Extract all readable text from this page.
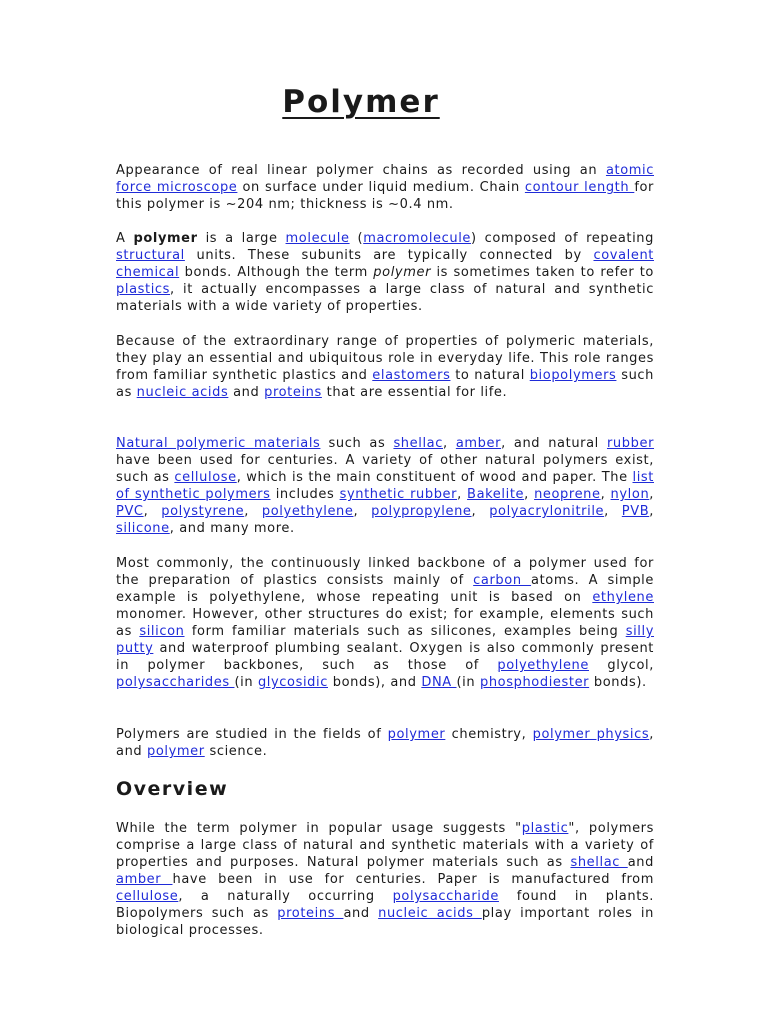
Polymer

Appearance of real linear polymer chains as recorded using an atomic force microscope on surface under liquid medium. Chain contour length for this polymer is ~204 nm; thickness is ~0.4 nm.

A polymer is a large molecule (macromolecule) composed of repeating structural units. These subunits are typically connected by covalent chemical bonds. Although the term polymer is sometimes taken to refer to plastics, it actually encompasses a large class of natural and synthetic materials with a wide variety of properties.

Because of the extraordinary range of properties of polymeric materials, they play an essential and ubiquitous role in everyday life. This role ranges from familiar synthetic plastics and elastomers to natural biopolymers such as nucleic acids and proteins that are essential for life.

Natural polymeric materials such as shellac, amber, and natural rubber have been used for centuries. A variety of other natural polymers exist, such as cellulose, which is the main constituent of wood and paper. The list of synthetic polymers includes synthetic rubber, Bakelite, neoprene, nylon, PVC, polystyrene, polyethylene, polypropylene, polyacrylonitrile, PVB, silicone, and many more.

Most commonly, the continuously linked backbone of a polymer used for the preparation of plastics consists mainly of carbon atoms. A simple example is polyethylene, whose repeating unit is based on ethylene monomer. However, other structures do exist; for example, elements such as silicon form familiar materials such as silicones, examples being silly putty and waterproof plumbing sealant. Oxygen is also commonly present in polymer backbones, such as those of polyethylene glycol, polysaccharides (in glycosidic bonds), and DNA (in phosphodiester bonds).

Polymers are studied in the fields of polymer chemistry, polymer physics, and polymer science.

Overview

While the term polymer in popular usage suggests "plastic", polymers comprise a large class of natural and synthetic materials with a variety of properties and purposes. Natural polymer materials such as shellac and amber have been in use for centuries. Paper is manufactured from cellulose, a naturally occurring polysaccharide found in plants. Biopolymers such as proteins and nucleic acids play important roles in biological processes.
